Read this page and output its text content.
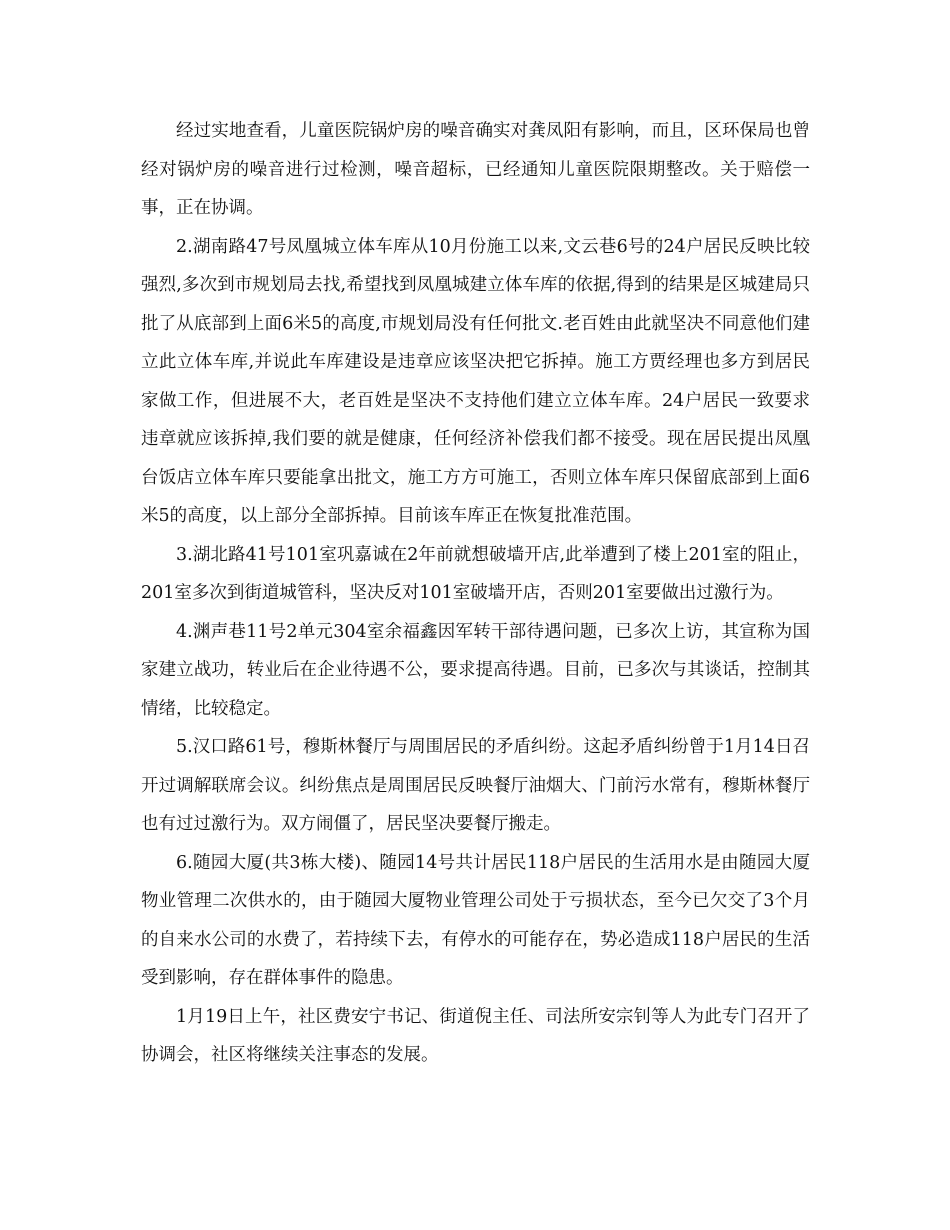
经过实地查看，儿童医院锅炉房的噪音确实对龚凤阳有影响，而且，区环保局也曾经对锅炉房的噪音进行过检测，噪音超标，已经通知儿童医院限期整改。关于赔偿一事，正在协调。

2.湖南路47号凤凰城立体车库从10月份施工以来,文云巷6号的24户居民反映比较强烈,多次到市规划局去找,希望找到凤凰城建立体车库的依据,得到的结果是区城建局只批了从底部到上面6米5的高度,市规划局没有任何批文.老百姓由此就坚决不同意他们建立此立体车库,并说此车库建设是违章应该坚决把它拆掉。施工方贾经理也多方到居民家做工作，但进展不大，老百姓是坚决不支持他们建立立体车库。24户居民一致要求违章就应该拆掉,我们要的就是健康，任何经济补偿我们都不接受。现在居民提出凤凰台饭店立体车库只要能拿出批文，施工方方可施工，否则立体车库只保留底部到上面6米5的高度，以上部分全部拆掉。目前该车库正在恢复批准范围。

3.湖北路41号101室巩嘉诚在2年前就想破墙开店,此举遭到了楼上201室的阻止，201室多次到街道城管科，坚决反对101室破墙开店，否则201室要做出过激行为。

4.渊声巷11号2单元304室余福鑫因军转干部待遇问题，已多次上访，其宣称为国家建立战功，转业后在企业待遇不公，要求提高待遇。目前，已多次与其谈话，控制其情绪，比较稳定。

5.汉口路61号，穆斯林餐厅与周围居民的矛盾纠纷。这起矛盾纠纷曾于1月14日召开过调解联席会议。纠纷焦点是周围居民反映餐厅油烟大、门前污水常有，穆斯林餐厅也有过过激行为。双方闹僵了，居民坚决要餐厅搬走。

6.随园大厦(共3栋大楼)、随园14号共计居民118户居民的生活用水是由随园大厦物业管理二次供水的，由于随园大厦物业管理公司处于亏损状态，至今已欠交了3个月的自来水公司的水费了，若持续下去，有停水的可能存在，势必造成118户居民的生活受到影响，存在群体事件的隐患。

1月19日上午，社区费安宁书记、街道倪主任、司法所安宗钊等人为此专门召开了协调会，社区将继续关注事态的发展。
